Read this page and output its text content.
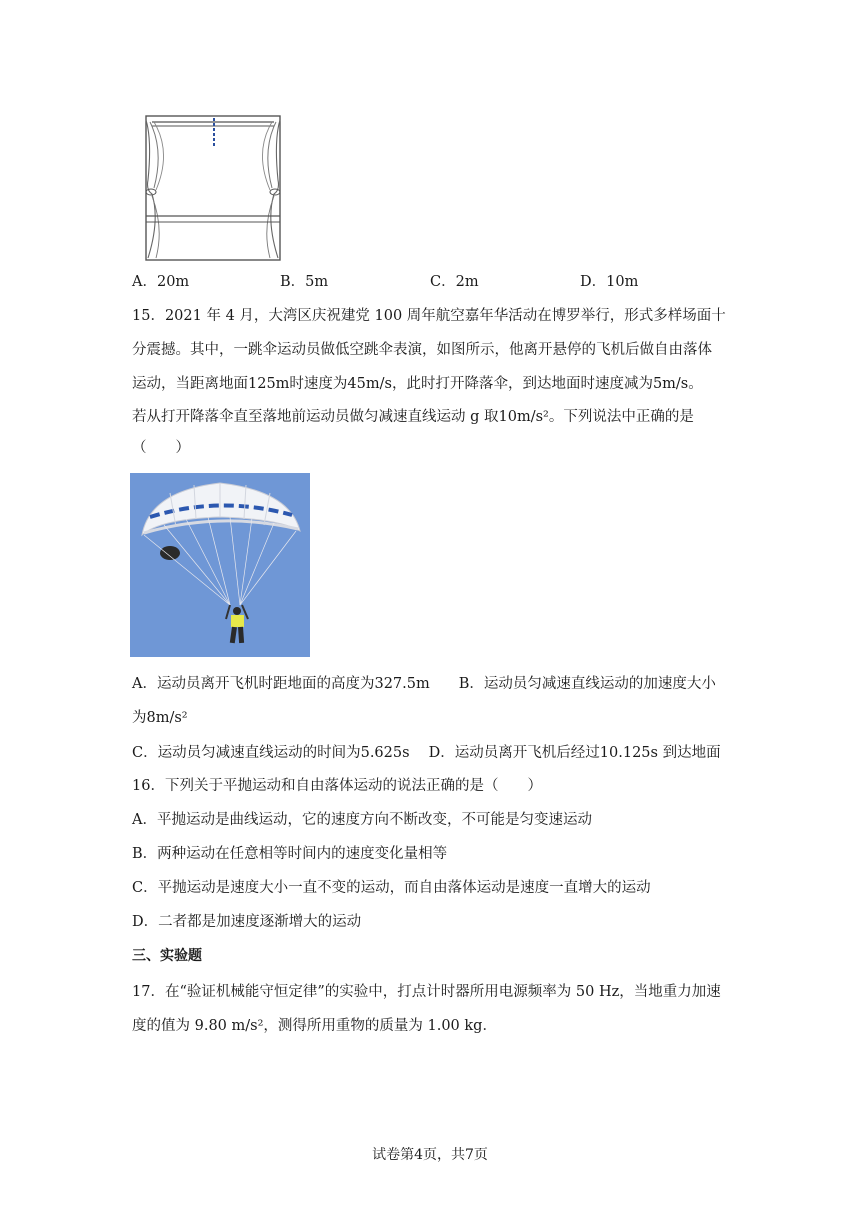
A．20m	B．5m	C．2m	D．10m
15．2021 年 4 月，大湾区庆祝建党 100 周年航空嘉年华活动在博罗举行，形式多样场面十
分震撼。其中，一跳伞运动员做低空跳伞表演，如图所示，他离开悬停的飞机后做自由落体
运动，当距离地面125m时速度为45m/s，此时打开降落伞，到达地面时速度减为5m/s。
若从打开降落伞直至落地前运动员做匀减速直线运动 g 取10m/s²。下列说法中正确的是
（　　）
A．运动员离开飞机时距地面的高度为327.5m　　B．运动员匀减速直线运动的加速度大小
为8m/s²
C．运动员匀减速直线运动的时间为5.625s　 D．运动员离开飞机后经过10.125s 到达地面
16．下列关于平抛运动和自由落体运动的说法正确的是（　　）
A．平抛运动是曲线运动，它的速度方向不断改变，不可能是匀变速运动
B．两种运动在任意相等时间内的速度变化量相等
C．平抛运动是速度大小一直不变的运动，而自由落体运动是速度一直增大的运动
D．二者都是加速度逐渐增大的运动
三、实验题
17．在“验证机械能守恒定律”的实验中，打点计时器所用电源频率为 50 Hz，当地重力加速
度的值为 9.80 m/s²，测得所用重物的质量为 1.00 kg．
试卷第4页，共7页
